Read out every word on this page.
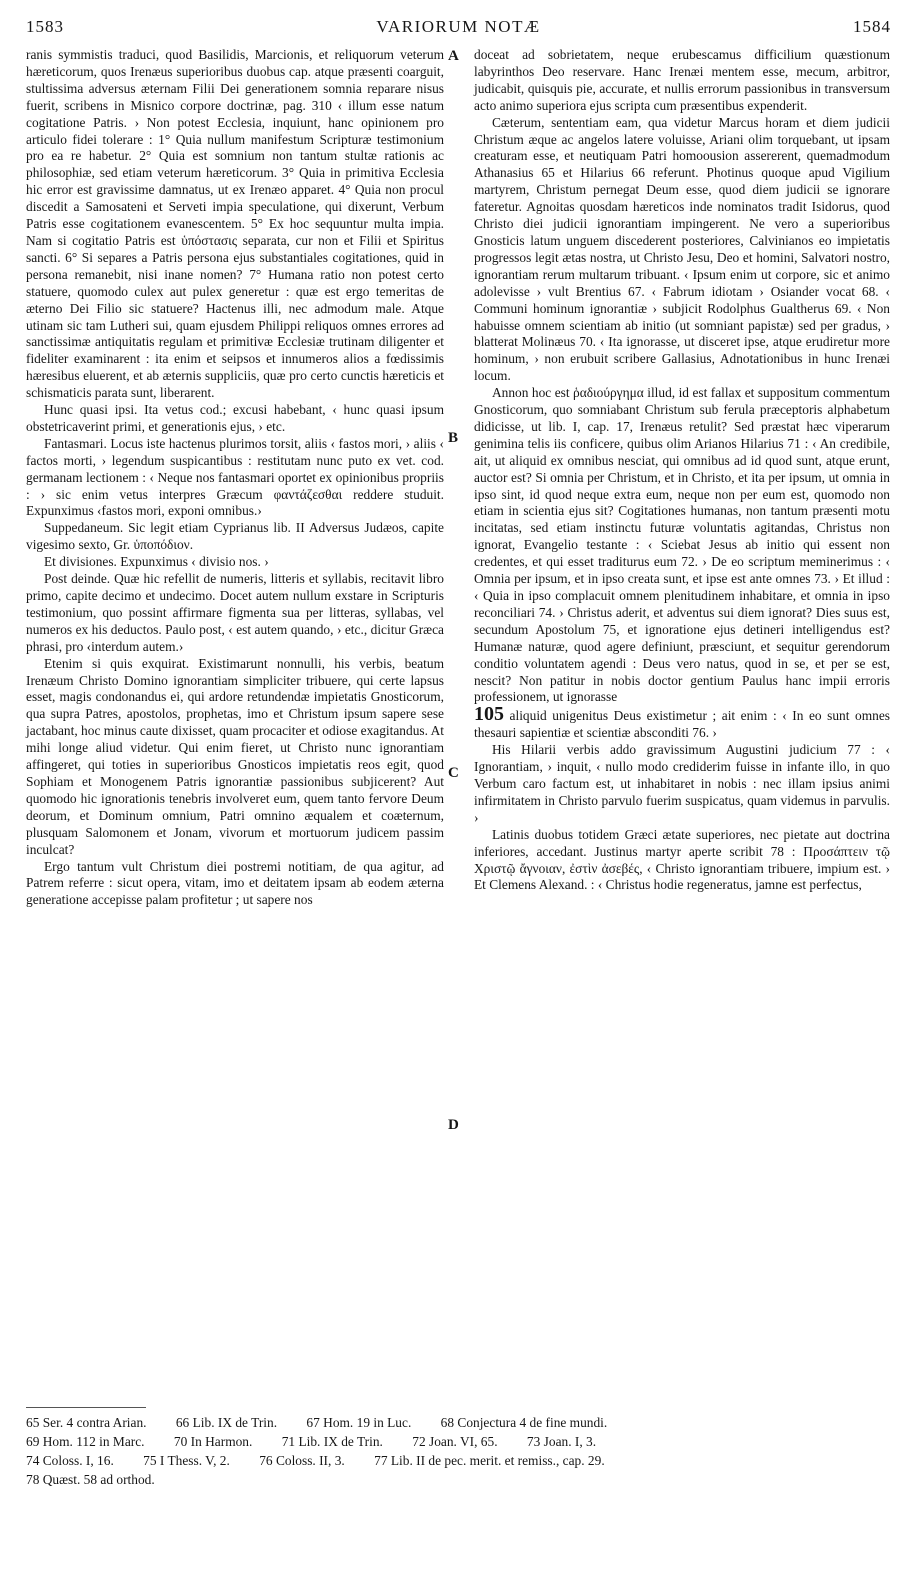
1583	VARIORUM NOTÆ	1584
A
B
C
D

ranis symmistis traduci, quod Basilidis, Marcionis, et reliquorum veterum hæreticorum, quos Irenæus superioribus duobus cap. atque præsenti coarguit, stultissima adversus æternam Filii Dei generationem somnia reparare nisus fuerit, scribens in Misnico corpore doctrinæ, pag. 310 ‹ illum esse natum cogitatione Patris. › Non potest Ecclesia, inquiunt, hanc opinionem pro articulo fidei tolerare : 1° Quia nullum manifestum Scripturæ testimonium pro ea re habetur. 2° Quia est somnium non tantum stultæ rationis ac philosophiæ, sed etiam veterum hæreticorum. 3° Quia in primitiva Ecclesia hic error est gravissime damnatus, ut ex Irenæo apparet. 4° Quia non procul discedit a Samosateni et Serveti impia speculatione, qui dixerunt, Verbum Patris esse cogitationem evanescentem. 5° Ex hoc sequuntur multa impia. Nam si cogitatio Patris est ὑπόστασις separata, cur non et Filii et Spiritus sancti. 6° Si separes a Patris persona ejus substantiales cogitationes, quid in persona remanebit, nisi inane nomen? 7° Humana ratio non potest certo statuere, quomodo culex aut pulex generetur : quæ est ergo temeritas de æterno Dei Filio sic statuere? Hactenus illi, nec admodum male. Atque utinam sic tam Lutheri sui, quam ejusdem Philippi reliquos omnes errores ad sanctissimæ antiquitatis regulam et primitivæ Ecclesiæ trutinam diligenter et fideliter examinarent : ita enim et seipsos et innumeros alios a fœdissimis hæresibus eluerent, et ab æternis suppliciis, quæ pro certo cunctis hæreticis et schismaticis parata sunt, liberarent.

Hunc quasi ipsi. Ita vetus cod.; excusi habebant, ‹ hunc quasi ipsum obstetricaverint primi, et generationis ejus, › etc.

Fantasmari. Locus iste hactenus plurimos torsit, aliis ‹ fastos mori, › aliis ‹ factos morti, › legendum suspicantibus : restitutam nunc puto ex vet. cod. germanam lectionem : ‹ Neque nos fantasmari oportet ex opinionibus propriis : › sic enim vetus interpres Græcum φαντάζεσθαι reddere studuit. Expunximus ‹fastos mori, exponi omnibus.›

Suppedaneum. Sic legit etiam Cyprianus lib. II Adversus Judæos, capite vigesimo sexto, Gr. ὑποπόδιον.

Et divisiones. Expunximus ‹ divisio nos. ›

Post deinde. Quæ hic refellit de numeris, litteris et syllabis, recitavit libro primo, capite decimo et undecimo. Docet autem nullum exstare in Scripturis testimonium, quo possint affirmare figmenta sua per litteras, syllabas, vel numeros ex his deductos. Paulo post, ‹ est autem quando, › etc., dicitur Græca phrasi, pro ‹interdum autem.›

Etenim si quis exquirat. Existimarunt nonnulli, his verbis, beatum Irenæum Christo Domino ignorantiam simpliciter tribuere, qui certe lapsus esset, magis condonandus ei, qui ardore retundendæ impietatis Gnosticorum, qua supra Patres, apostolos, prophetas, imo et Christum ipsum sapere sese jactabant, hoc minus caute dixisset, quam procaciter et odiose exagitandus. At mihi longe aliud videtur. Qui enim fieret, ut Christo nunc ignorantiam affingeret, qui toties in superioribus Gnosticos impietatis reos egit, quod Sophiam et Monogenem Patris ignorantiæ passionibus subjicerent? Aut quomodo hic ignorationis tenebris involveret eum, quem tanto fervore Deum deorum, et Dominum omnium, Patri omnino æqualem et coæternum, plusquam Salomonem et Jonam, vivorum et mortuorum judicem passim inculcat?

Ergo tantum vult Christum diei postremi notitiam, de qua agitur, ad Patrem referre : sicut opera, vitam, imo et deitatem ipsam ab eodem æterna generatione accepisse palam profitetur ; ut sapere nos

doceat ad sobrietatem, neque erubescamus difficilium quæstionum labyrinthos Deo reservare. Hanc Irenæi mentem esse, mecum, arbitror, judicabit, quisquis pie, accurate, et nullis errorum passionibus in transversum acto animo superiora ejus scripta cum præsentibus expenderit.

Cæterum, sententiam eam, qua videtur Marcus horam et diem judicii Christum æque ac angelos latere voluisse, Ariani olim torquebant, ut ipsam creaturam esse, et neutiquam Patri homoousion assererent, quemadmodum Athanasius 65 et Hilarius 66 referunt. Photinus quoque apud Vigilium martyrem, Christum pernegat Deum esse, quod diem judicii se ignorare fateretur. Agnoitas quosdam hæreticos inde nominatos tradit Isidorus, quod Christo diei judicii ignorantiam impingerent. Ne vero a superioribus Gnosticis latum unguem discederent posteriores, Calvinianos eo impietatis progressos legit ætas nostra, ut Christo Jesu, Deo et homini, Salvatori nostro, ignorantiam rerum multarum tribuant. ‹ Ipsum enim ut corpore, sic et animo adolevisse › vult Brentius 67. ‹ Fabrum idiotam › Osiander vocat 68. ‹ Communi hominum ignorantiæ › subjicit Rodolphus Gualtherus 69. ‹ Non habuisse omnem scientiam ab initio (ut somniant papistæ) sed per gradus, › blatterat Molinæus 70. ‹ Ita ignorasse, ut disceret ipse, atque erudiretur more hominum, › non erubuit scribere Gallasius, Adnotationibus in hunc Irenæi locum.

Annon hoc est ῥαδιούργημα illud, id est fallax et suppositum commentum Gnosticorum, quo somniabant Christum sub ferula præceptoris alphabetum didicisse, ut lib. I, cap. 17, Irenæus retulit? Sed præstat hæc viperarum genimina telis iis conficere, quibus olim Arianos Hilarius 71 : ‹ An credibile, ait, ut aliquid ex omnibus nesciat, qui omnibus ad id quod sunt, atque erunt, auctor est? Si omnia per Christum, et in Christo, et ita per ipsum, ut omnia in ipso sint, id quod neque extra eum, neque non per eum est, quomodo non etiam in scientia ejus sit? Cogitationes humanas, non tantum præsenti motu incitatas, sed etiam instinctu futuræ voluntatis agitandas, Christus non ignorat, Evangelio testante : ‹ Sciebat Jesus ab initio qui essent non credentes, et qui esset traditurus eum 72. › De eo scriptum meminerimus : ‹ Omnia per ipsum, et in ipso creata sunt, et ipse est ante omnes 73. › Et illud : ‹ Quia in ipso complacuit omnem plenitudinem inhabitare, et omnia in ipso reconciliari 74. › Christus aderit, et adventus sui diem ignorat? Dies suus est, secundum Apostolum 75, et ignoratione ejus detineri intelligendus est? Humanæ naturæ, quod agere definiunt, præsciunt, et sequitur gerendorum conditio voluntatem agendi : Deus vero natus, quod in se, et per se est, nescit? Non patitur in nobis doctor gentium Paulus hanc impii erroris professionem, ut ignorasse

105 aliquid unigenitus Deus existimetur ; ait enim : ‹ In eo sunt omnes thesauri sapientiæ et scientiæ absconditi 76. ›

His Hilarii verbis addo gravissimum Augustini judicium 77 : ‹ Ignorantiam, › inquit, ‹ nullo modo crediderim fuisse in infante illo, in quo Verbum caro factum est, ut inhabitaret in nobis : nec illam ipsius animi infirmitatem in Christo parvulo fuerim suspicatus, quam videmus in parvulis. ›

Latinis duobus totidem Græci ætate superiores, nec pietate aut doctrina inferiores, accedant. Justinus martyr aperte scribit 78 : Προσάπτειν τῷ Χριστῷ ἄγνοιαν, ἐστὶν ἀσεβές, ‹ Christo ignorantiam tribuere, impium est. › Et Clemens Alexand. : ‹ Christus hodie regeneratus, jamne est perfectus,

65 Ser. 4 contra Arian. 66 Lib. IX de Trin. 67 Hom. 19 in Luc. 68 Conjectura 4 de fine mundi.
69 Hom. 112 in Marc. 70 In Harmon. 71 Lib. IX de Trin. 72 Joan. VI, 65. 73 Joan. I, 3.
74 Coloss. I, 16. 75 I Thess. V, 2. 76 Coloss. II, 3. 77 Lib. II de pec. merit. et remiss., cap. 29.
78 Quæst. 58 ad orthod.
